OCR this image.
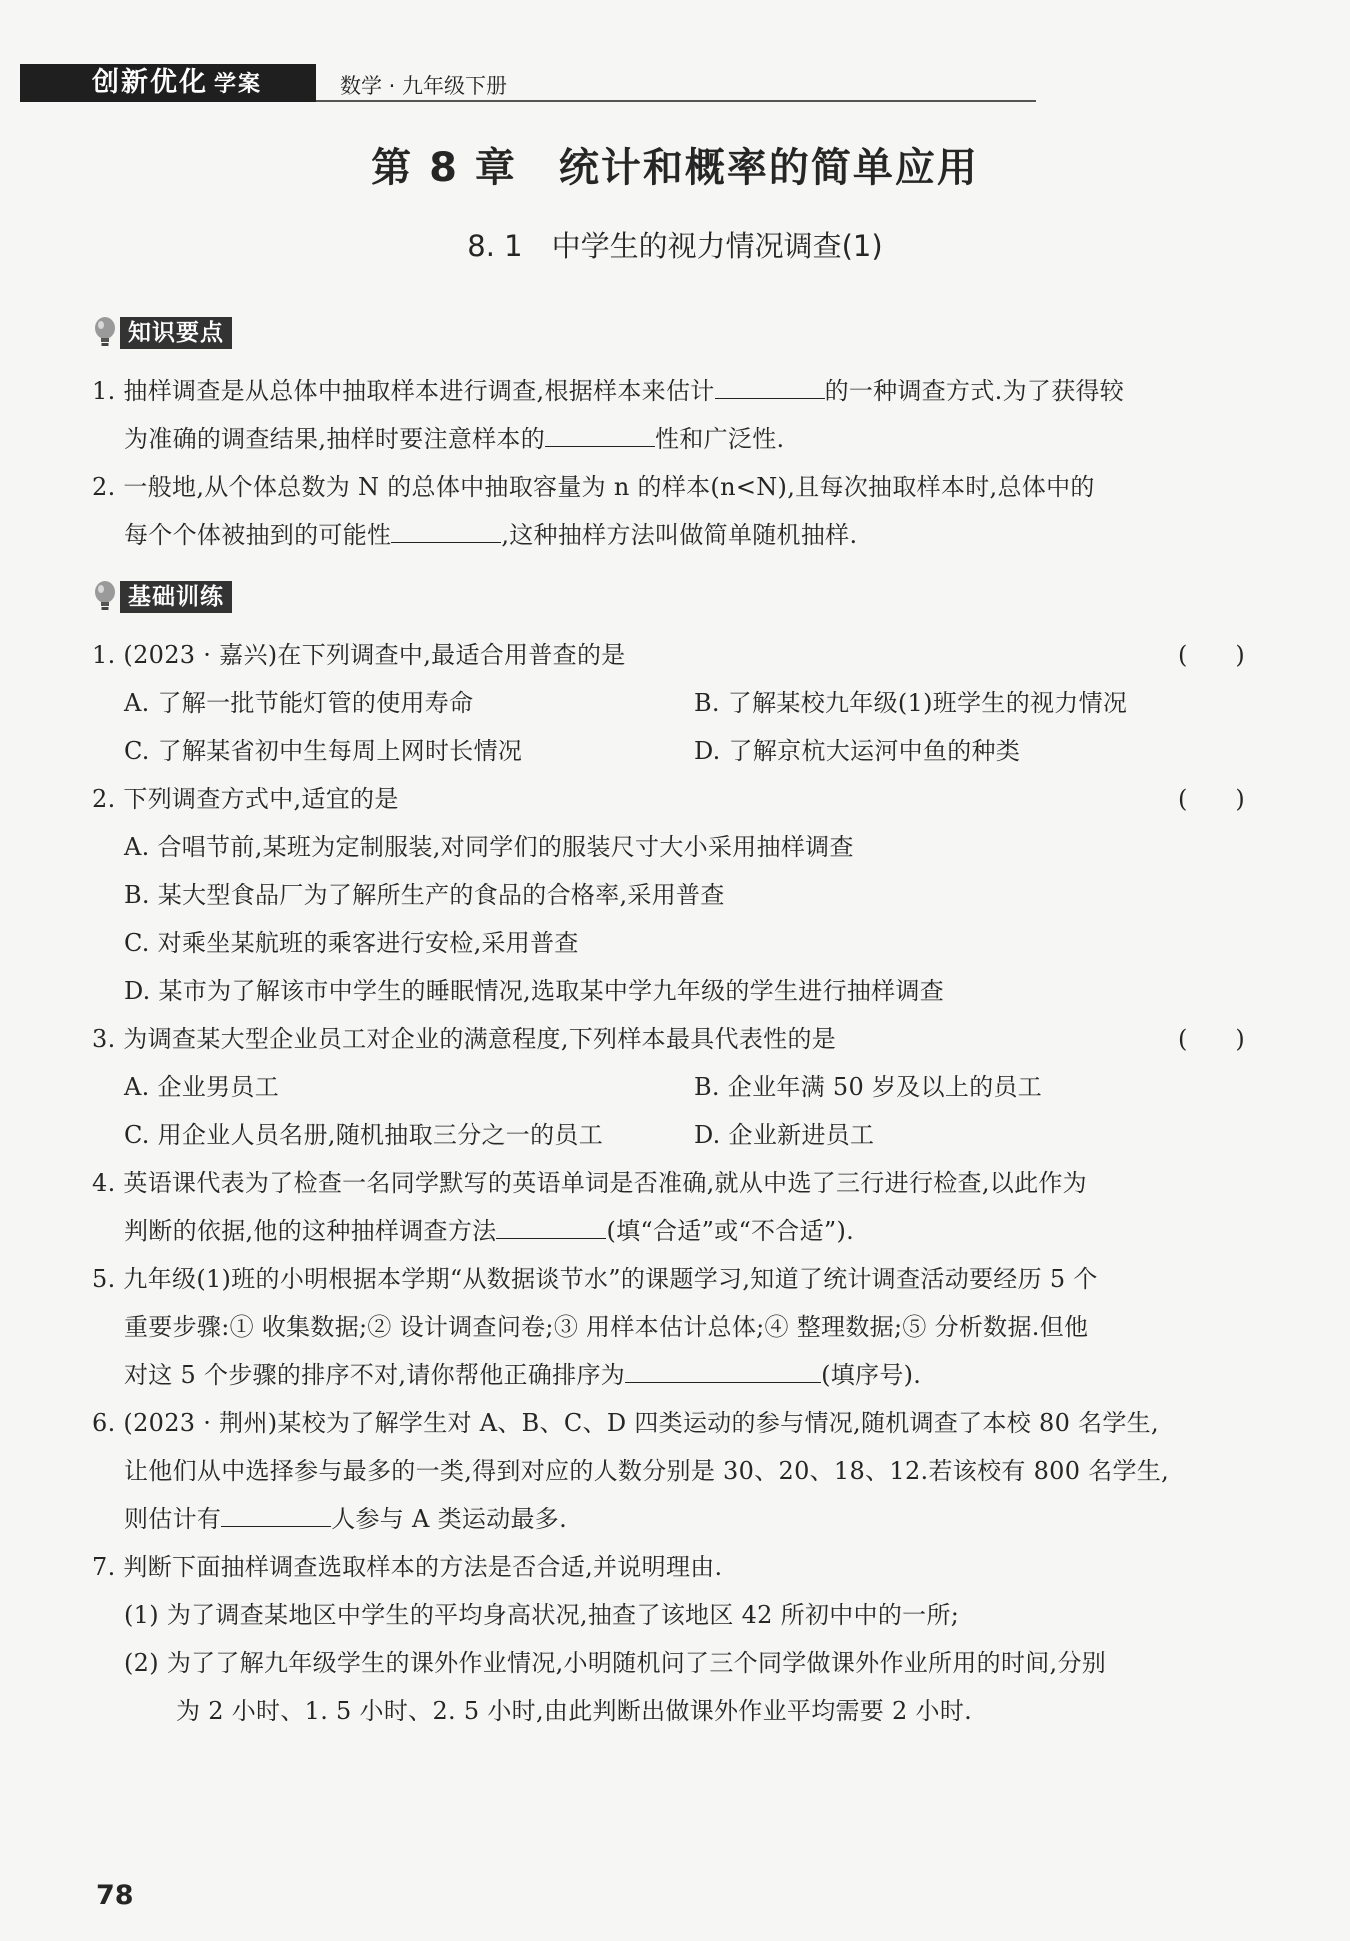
创新优化 学案	数学 · 九年级下册
第 8 章　统计和概率的简单应用
8. 1　中学生的视力情况调查(1)
知识要点
1. 抽样调查是从总体中抽取样本进行调查,根据样本来估计	的一种调查方式.为了获得较
为准确的调查结果,抽样时要注意样本的	性和广泛性.
2. 一般地,从个体总数为 N 的总体中抽取容量为 n 的样本(n<N),且每次抽取样本时,总体中的
每个个体被抽到的可能性	,这种抽样方法叫做简单随机抽样.
基础训练
1. (2023 · 嘉兴)在下列调查中,最适合用普查的是	(　　)
A. 了解一批节能灯管的使用寿命	B. 了解某校九年级(1)班学生的视力情况
C. 了解某省初中生每周上网时长情况	D. 了解京杭大运河中鱼的种类
2. 下列调查方式中,适宜的是	(　　)
A. 合唱节前,某班为定制服装,对同学们的服装尺寸大小采用抽样调查
B. 某大型食品厂为了解所生产的食品的合格率,采用普查
C. 对乘坐某航班的乘客进行安检,采用普查
D. 某市为了解该市中学生的睡眠情况,选取某中学九年级的学生进行抽样调查
3. 为调查某大型企业员工对企业的满意程度,下列样本最具代表性的是	(　　)
A. 企业男员工	B. 企业年满 50 岁及以上的员工
C. 用企业人员名册,随机抽取三分之一的员工	D. 企业新进员工
4. 英语课代表为了检查一名同学默写的英语单词是否准确,就从中选了三行进行检查,以此作为
判断的依据,他的这种抽样调查方法	(填“合适”或“不合适”).
5. 九年级(1)班的小明根据本学期“从数据谈节水”的课题学习,知道了统计调查活动要经历 5 个
重要步骤:① 收集数据;② 设计调查问卷;③ 用样本估计总体;④ 整理数据;⑤ 分析数据.但他
对这 5 个步骤的排序不对,请你帮他正确排序为	(填序号).
6. (2023 · 荆州)某校为了解学生对 A、B、C、D 四类运动的参与情况,随机调查了本校 80 名学生,
让他们从中选择参与最多的一类,得到对应的人数分别是 30、20、18、12.若该校有 800 名学生,
则估计有	人参与 A 类运动最多.
7. 判断下面抽样调查选取样本的方法是否合适,并说明理由.
(1) 为了调查某地区中学生的平均身高状况,抽查了该地区 42 所初中中的一所;
(2) 为了了解九年级学生的课外作业情况,小明随机问了三个同学做课外作业所用的时间,分别
为 2 小时、1. 5 小时、2. 5 小时,由此判断出做课外作业平均需要 2 小时.
78
